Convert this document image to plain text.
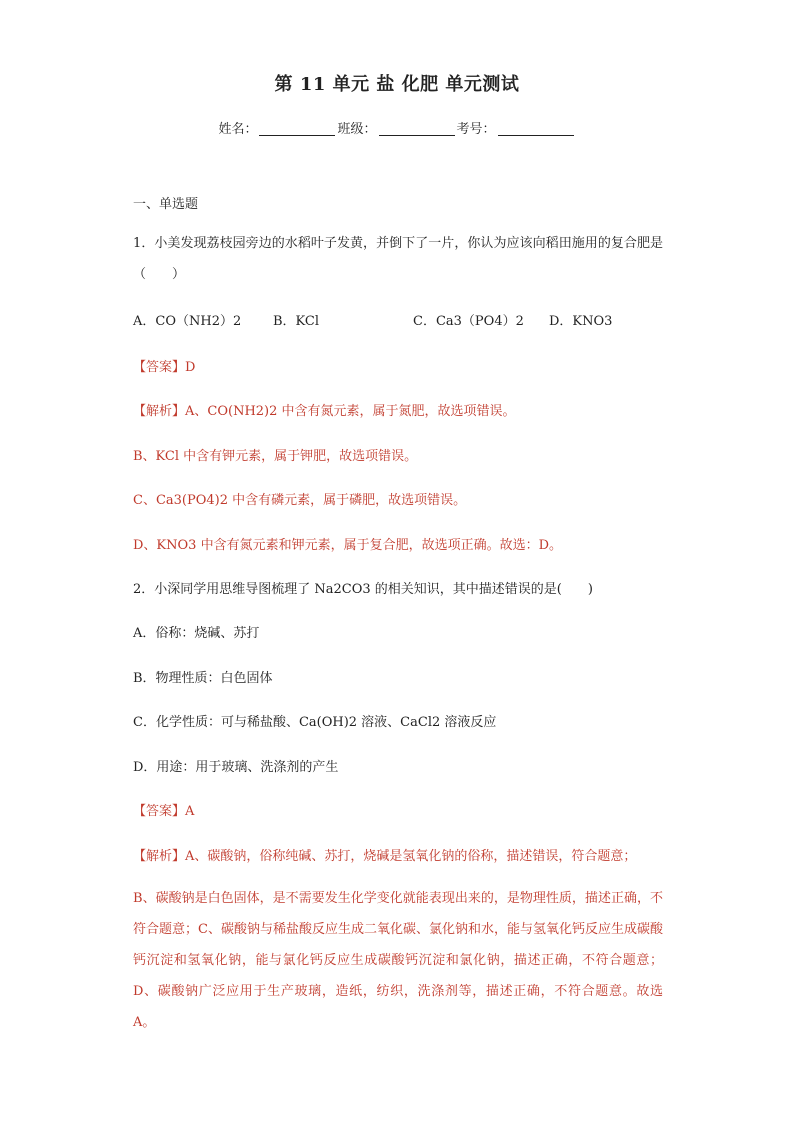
第 11 单元 盐 化肥 单元测试
姓名：	班级：	考号：
一、单选题
1．小美发现荔枝园旁边的水稻叶子发黄，并倒下了一片，你认为应该向稻田施用的复合肥是（　　）
A．CO（NH2）2 B．KCl	C．Ca3（PO4）2 D．KNO3
【答案】D
【解析】A、CO(NH2)2 中含有氮元素，属于氮肥，故选项错误。
B、KCl 中含有钾元素，属于钾肥，故选项错误。
C、Ca3(PO4)2 中含有磷元素，属于磷肥，故选项错误。
D、KNO3 中含有氮元素和钾元素，属于复合肥，故选项正确。故选：D。
2．小深同学用思维导图梳理了 Na2CO3 的相关知识，其中描述错误的是(　　)
A．俗称：烧碱、苏打
B．物理性质：白色固体
C．化学性质：可与稀盐酸、Ca(OH)2 溶液、CaCl2 溶液反应
D．用途：用于玻璃、洗涤剂的产生
【答案】A
【解析】A、碳酸钠，俗称纯碱、苏打，烧碱是氢氧化钠的俗称，描述错误，符合题意；
B、碳酸钠是白色固体，是不需要发生化学变化就能表现出来的，是物理性质，描述正确，不符合题意；C、碳酸钠与稀盐酸反应生成二氧化碳、氯化钠和水，能与氢氧化钙反应生成碳酸钙沉淀和氢氧化钠，能与氯化钙反应生成碳酸钙沉淀和氯化钠，描述正确，不符合题意；D、碳酸钠广泛应用于生产玻璃，造纸，纺织，洗涤剂等，描述正确，不符合题意。故选 A。
